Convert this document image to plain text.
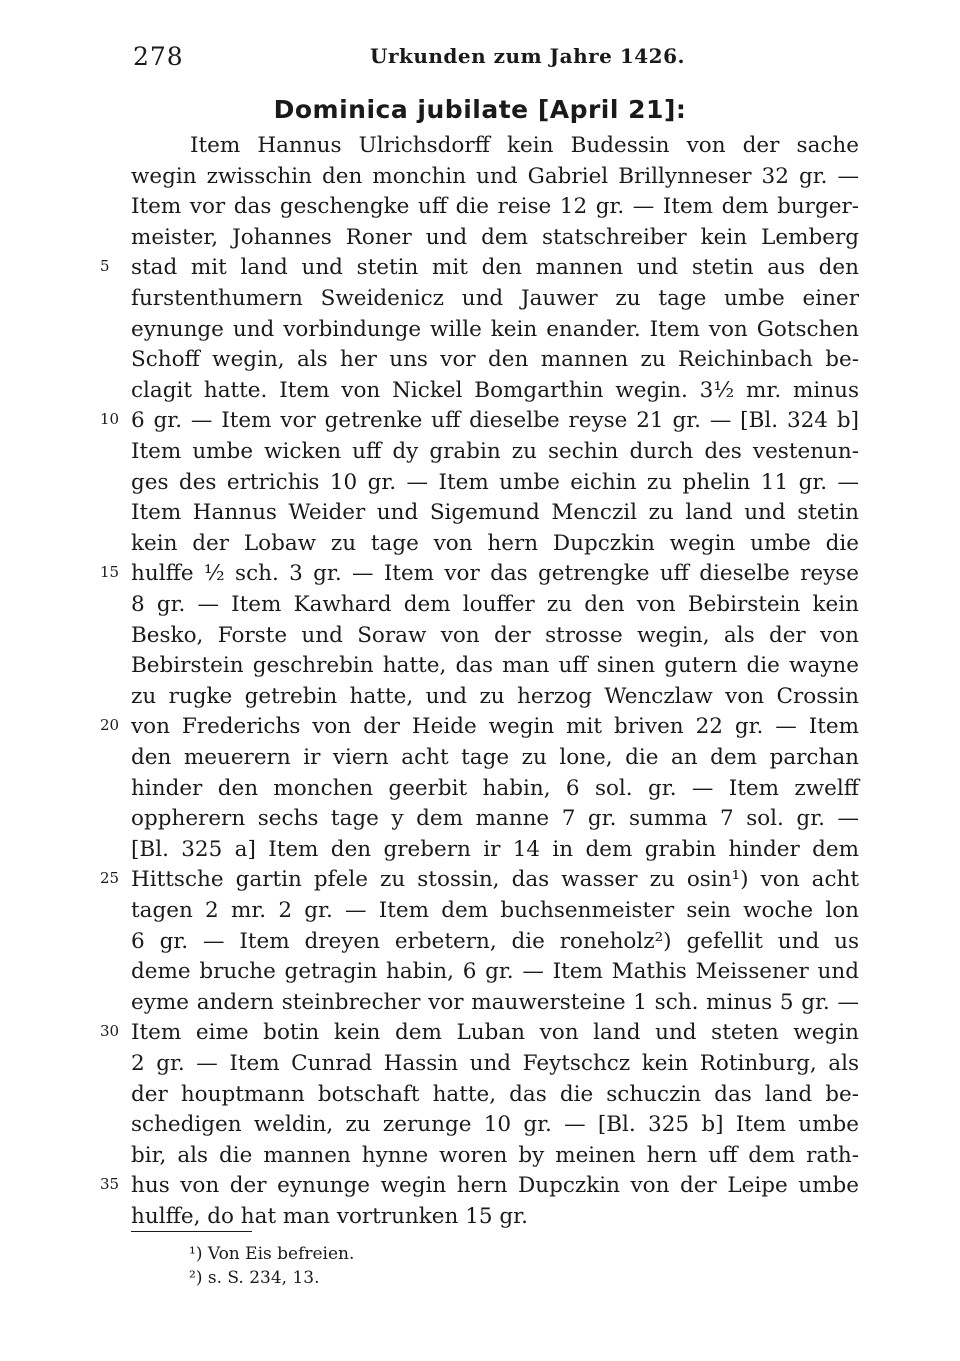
278	Urkunden zum Jahre 1426.
Dominica jubilate [April 21]:
Item Hannus Ulrichsdorff kein Budessin von der sache
wegin zwisschin den monchin und Gabriel Brillynneser 32 gr. —
Item vor das geschengke uff die reise 12 gr. — Item dem burger-
meister, Johannes Roner und dem statschreiber kein Lemberg
stad mit land und stetin mit den mannen und stetin aus den
furstenthumern Sweidenicz und Jauwer zu tage umbe einer
eynunge und vorbindunge wille kein enander. Item von Gotschen
Schoff wegin, als her uns vor den mannen zu Reichinbach be-
clagit hatte. Item von Nickel Bomgarthin wegin. 3½ mr. minus
6 gr. — Item vor getrenke uff dieselbe reyse 21 gr. — [Bl. 324 b]
Item umbe wicken uff dy grabin zu sechin durch des vestenun-
ges des ertrichis 10 gr. — Item umbe eichin zu phelin 11 gr. —
Item Hannus Weider und Sigemund Menczil zu land und stetin
kein der Lobaw zu tage von hern Dupczkin wegin umbe die
hulffe ½ sch. 3 gr. — Item vor das getrengke uff dieselbe reyse
8 gr. — Item Kawhard dem louffer zu den von Bebirstein kein
Besko, Forste und Soraw von der strosse wegin, als der von
Bebirstein geschrebin hatte, das man uff sinen gutern die wayne
zu rugke getrebin hatte, und zu herzog Wenczlaw von Crossin
von Frederichs von der Heide wegin mit briven 22 gr. — Item
den meuerern ir viern acht tage zu lone, die an dem parchan
hinder den monchen geerbit habin, 6 sol. gr. — Item zwelff
oppherern sechs tage y dem manne 7 gr. summa 7 sol. gr. —
[Bl. 325 a] Item den grebern ir 14 in dem grabin hinder dem
Hittsche gartin pfele zu stossin, das wasser zu osin¹) von acht
tagen 2 mr. 2 gr. — Item dem buchsenmeister sein woche lon
6 gr. — Item dreyen erbetern, die roneholz²) gefellit und us
deme bruche getragin habin, 6 gr. — Item Mathis Meissener und
eyme andern steinbrecher vor mauwersteine 1 sch. minus 5 gr. —
Item eime botin kein dem Luban von land und steten wegin
2 gr. — Item Cunrad Hassin und Feytschcz kein Rotinburg, als
der houptmann botschaft hatte, das die schuczin das land be-
schedigen weldin, zu zerunge 10 gr. — [Bl. 325 b] Item umbe
bir, als die mannen hynne woren by meinen hern uff dem rath-
hus von der eynunge wegin hern Dupczkin von der Leipe umbe
hulffe, do hat man vortrunken 15 gr.
5
10
15
20
25
30
35
¹) Von Eis befreien.
²) s. S. 234, 13.
